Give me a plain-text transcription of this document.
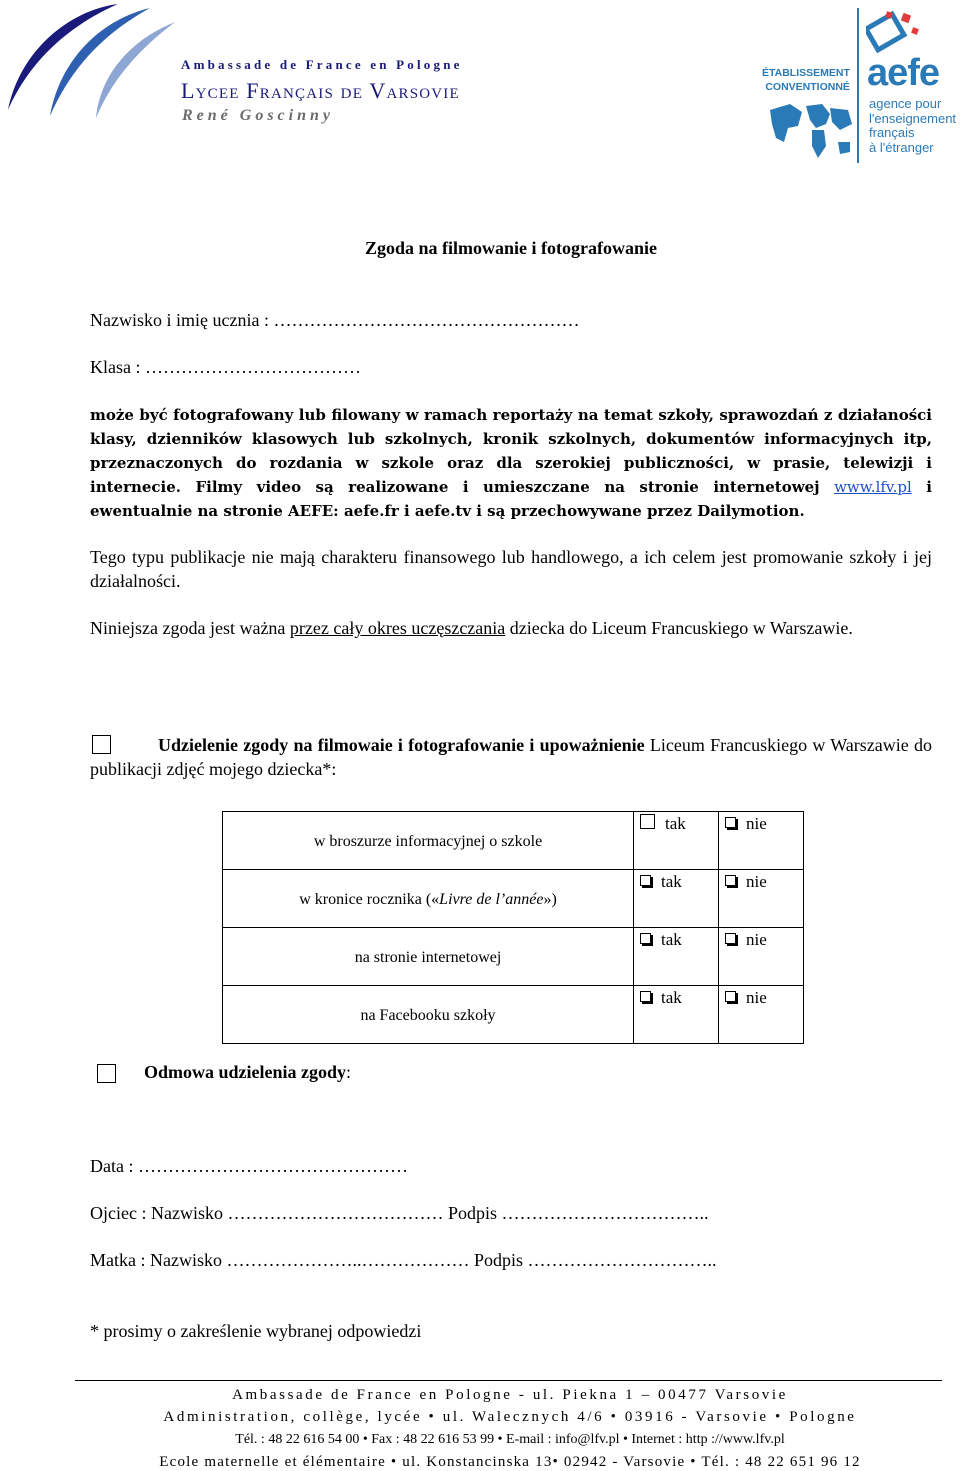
Ambassade de France en Pologne
Lycee Français de Varsovie
René Goscinny
ÉTABLISSEMENT
CONVENTIONNÉ aefe
agence pour
l'enseignement
français
à l'étranger
Zgoda na filmowanie i fotografowanie
Nazwisko i imię ucznia : ……………………………………………
Klasa : ………………………………
może być fotografowany lub filowany w ramach reportaży na temat szkoły, sprawozdań z działaności klasy, dzienników klasowych lub szkolnych, kronik szkolnych, dokumentów informacyjnych itp, przeznaczonych do rozdania w szkole oraz dla szerokiej publiczności, w prasie, telewizji i internecie. Filmy video są realizowane i umieszczane na stronie internetowej www.lfv.pl i ewentualnie na stronie AEFE: aefe.fr i aefe.tv i są przechowywane przez Dailymotion.
Tego typu publikacje nie mają charakteru finansowego lub handlowego, a ich celem jest promowanie szkoły i jej działalności.
Niniejsza zgoda jest ważna przez cały okres uczęszczania dziecka do Liceum Francuskiego w Warszawie.
Udzielenie zgody na filmowaie i fotografowanie i upoważnienie Liceum Francuskiego w Warszawie do publikacji zdjęć mojego dziecka*:
w broszurze informacyjnej o szkole	tak	nie
w kronice rocznika («Livre de l’année»)	tak	nie
na stronie internetowej	tak	nie
na Facebooku szkoły	tak	nie
Odmowa udzielenia zgody:
Data : ………………………………………
Ojciec : Nazwisko ……………………………… Podpis ……………………………..
Matka : Nazwisko …………………..……………… Podpis …………………………..
* prosimy o zakreślenie wybranej odpowiedzi
Ambassade de France en Pologne - ul. Piekna 1 – 00477 Varsovie
Administration, collège, lycée • ul. Walecznych 4/6 • 03916 - Varsovie • Pologne
Tél. : 48 22 616 54 00 • Fax : 48 22 616 53 99 • E-mail : info@lfv.pl • Internet : http ://www.lfv.pl
Ecole maternelle et élémentaire • ul. Konstancinska 13• 02942 - Varsovie • Tél. : 48 22 651 96 12
